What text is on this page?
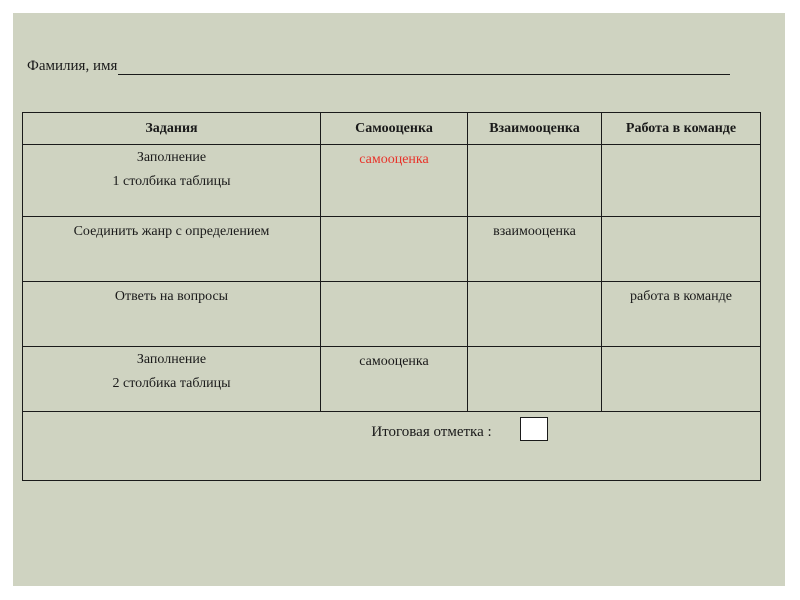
Фамилия, имя
Задания	Самооценка	Взаимооценка	Работа в команде

Заполнение
1 столбика таблицы	самооценка		

Соединить жанр с определением		взаимооценка	

Ответь на вопросы			работа в команде

Заполнение
2 столбика таблицы	самооценка		

Итоговая отметка :			
